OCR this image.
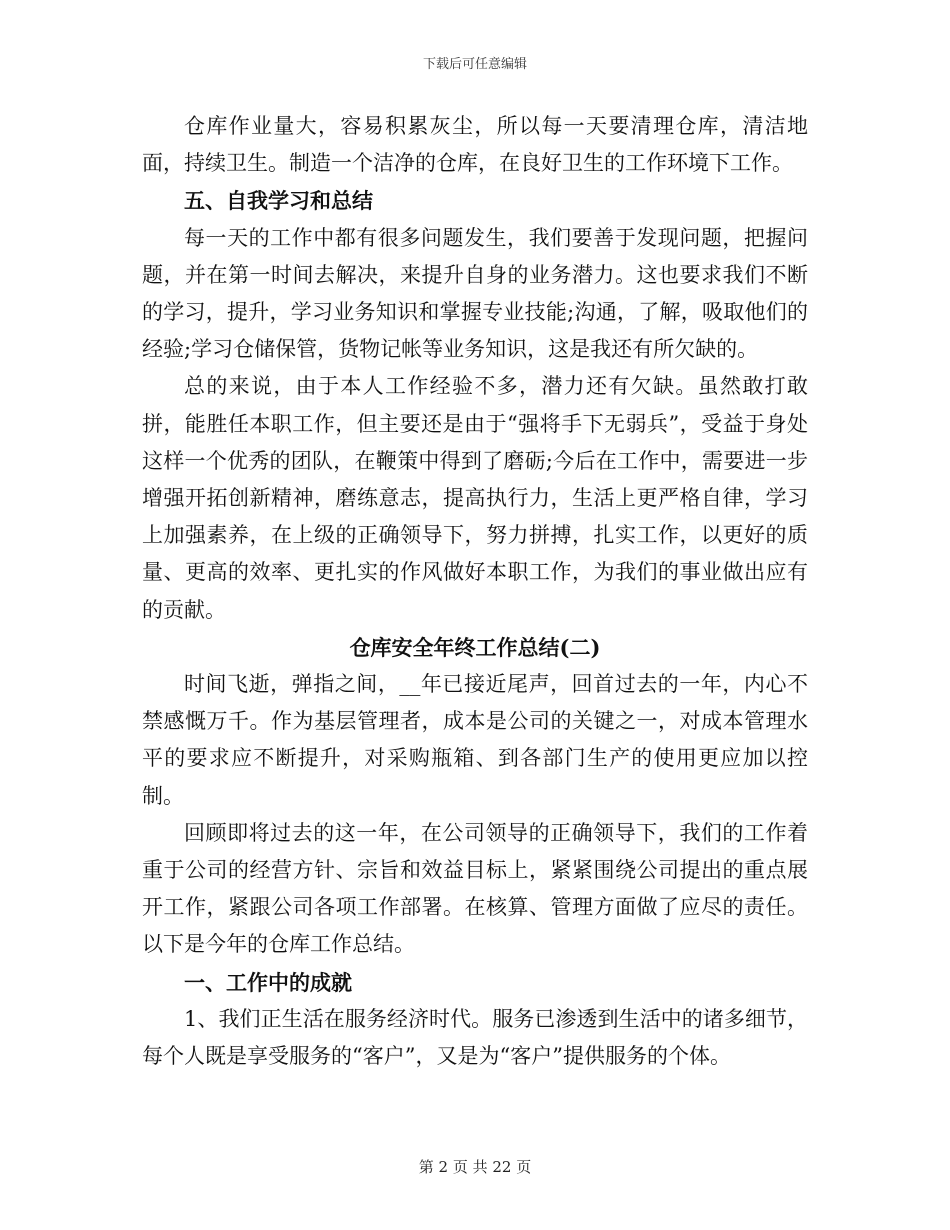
下载后可任意编辑

仓库作业量大，容易积累灰尘，所以每一天要清理仓库，清洁地面，持续卫生。制造一个洁净的仓库，在良好卫生的工作环境下工作。

五、自我学习和总结

每一天的工作中都有很多问题发生，我们要善于发现问题，把握问题，并在第一时间去解决，来提升自身的业务潜力。这也要求我们不断的学习，提升，学习业务知识和掌握专业技能;沟通，了解，吸取他们的经验;学习仓储保管，货物记帐等业务知识，这是我还有所欠缺的。

总的来说，由于本人工作经验不多，潜力还有欠缺。虽然敢打敢拼，能胜任本职工作，但主要还是由于“强将手下无弱兵”，受益于身处这样一个优秀的团队，在鞭策中得到了磨砺;今后在工作中，需要进一步增强开拓创新精神，磨练意志，提高执行力，生活上更严格自律，学习上加强素养，在上级的正确领导下，努力拼搏，扎实工作，以更好的质量、更高的效率、更扎实的作风做好本职工作，为我们的事业做出应有的贡献。

仓库安全年终工作总结(二)

时间飞逝，弹指之间，__年已接近尾声，回首过去的一年，内心不禁感慨万千。作为基层管理者，成本是公司的关键之一，对成本管理水平的要求应不断提升，对采购瓶箱、到各部门生产的使用更应加以控制。

回顾即将过去的这一年，在公司领导的正确领导下，我们的工作着重于公司的经营方针、宗旨和效益目标上，紧紧围绕公司提出的重点展开工作，紧跟公司各项工作部署。在核算、管理方面做了应尽的责任。以下是今年的仓库工作总结。

一、工作中的成就

1、我们正生活在服务经济时代。服务已渗透到生活中的诸多细节，每个人既是享受服务的“客户”，又是为“客户”提供服务的个体。

第 2 页 共 22 页
